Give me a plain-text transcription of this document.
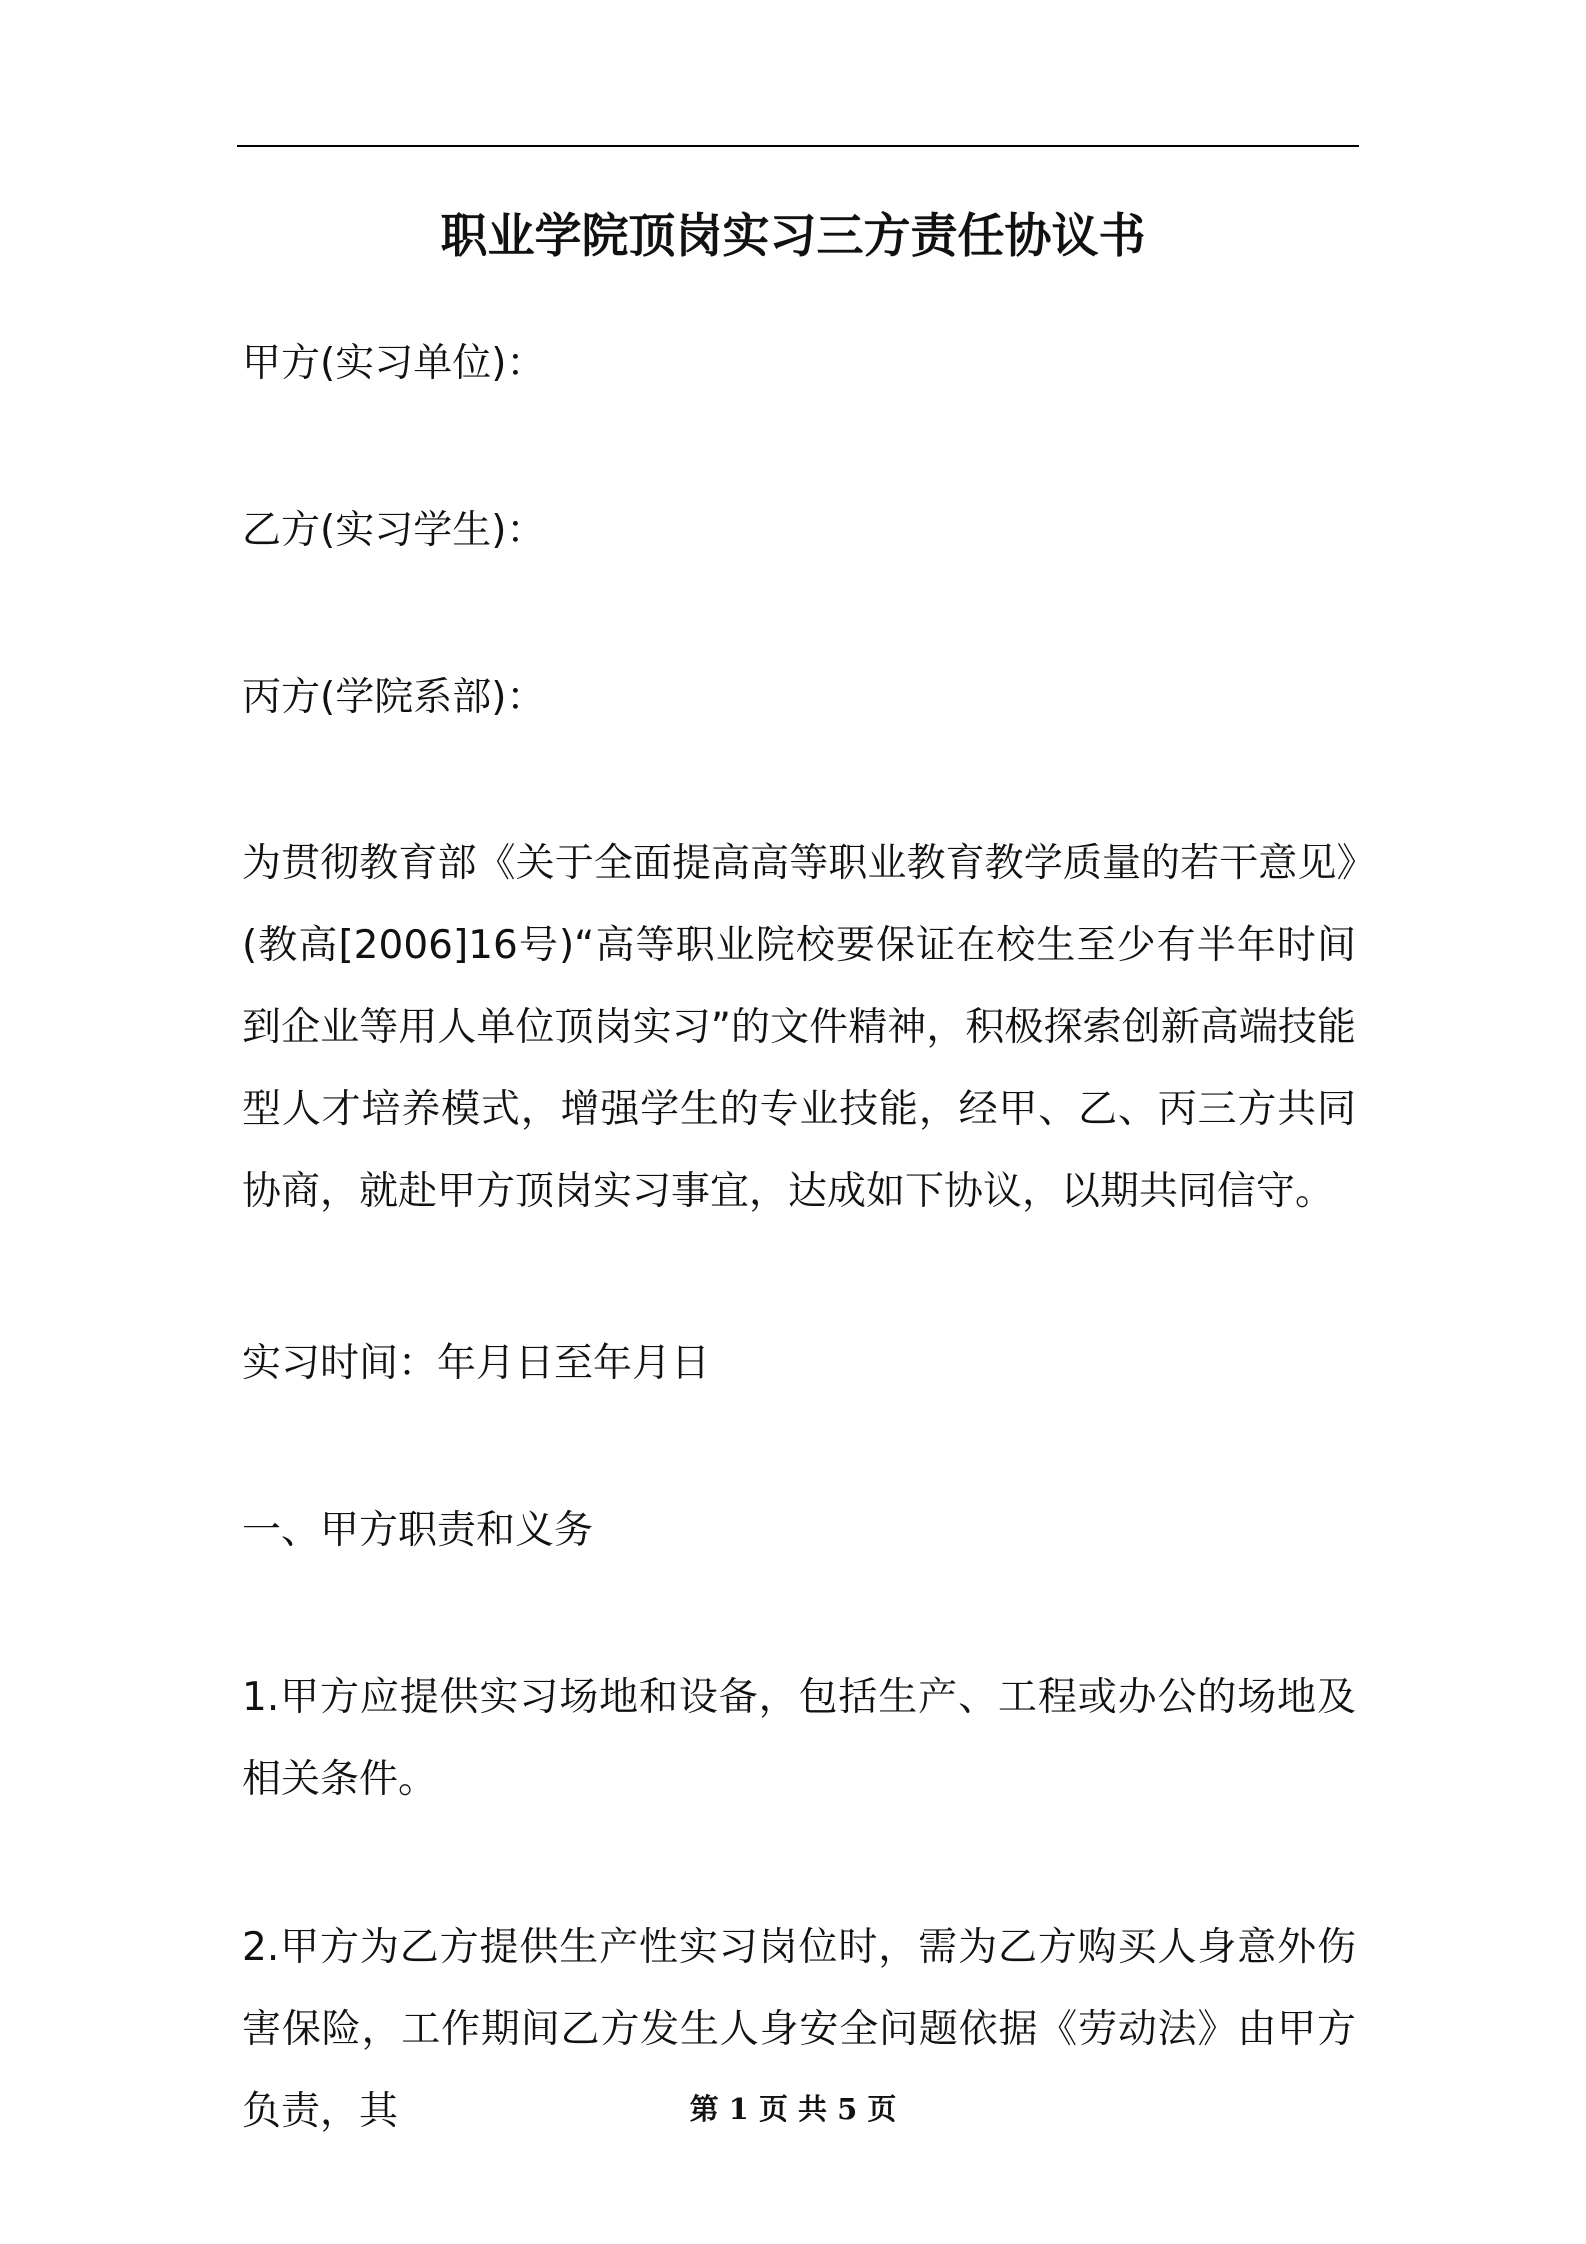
职业学院顶岗实习三方责任协议书

甲方(实习单位)：

乙方(实习学生)：

丙方(学院系部)：

为贯彻教育部《关于全面提高高等职业教育教学质量的若干意见》(教高[2006]16号)“高等职业院校要保证在校生至少有半年时间到企业等用人单位顶岗实习”的文件精神，积极探索创新高端技能型人才培养模式，增强学生的专业技能，经甲、乙、丙三方共同协商，就赴甲方顶岗实习事宜，达成如下协议，以期共同信守。

实习时间：年月日至年月日

一、甲方职责和义务

1.甲方应提供实习场地和设备，包括生产、工程或办公的场地及相关条件。

2.甲方为乙方提供生产性实习岗位时，需为乙方购买人身意外伤害保险，工作期间乙方发生人身安全问题依据《劳动法》由甲方负责，其	第 1 页 共 5 页
